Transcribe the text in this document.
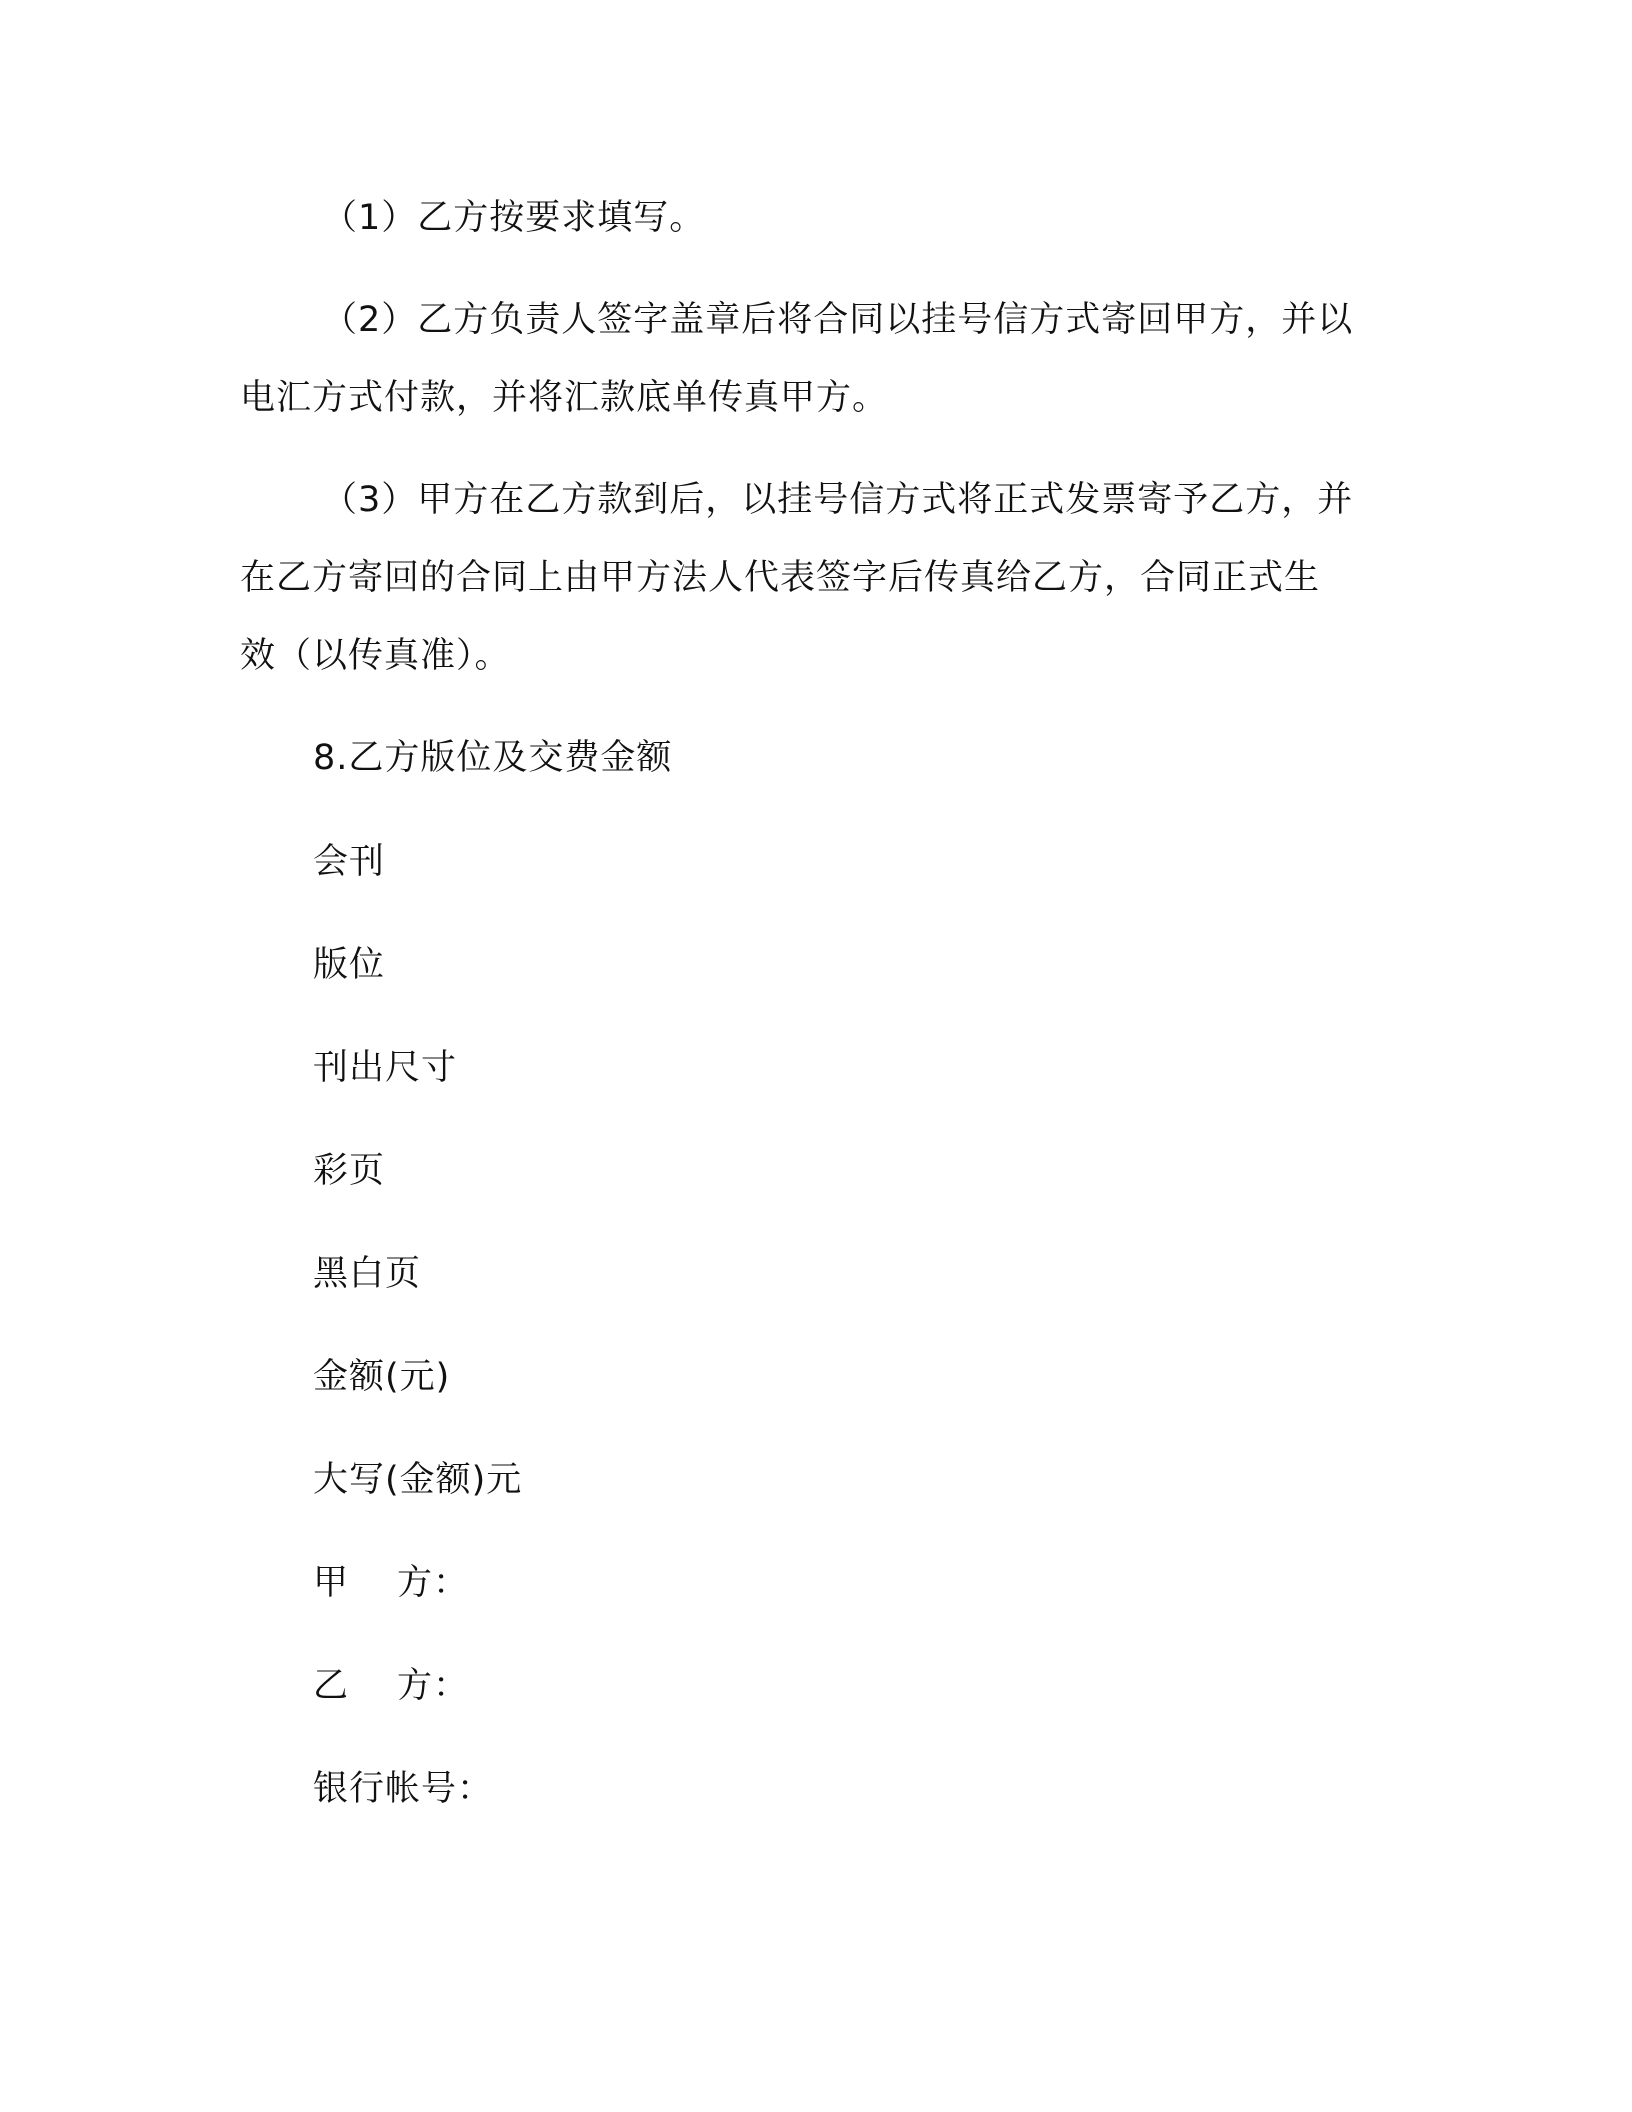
（1）乙方按要求填写。
（2）乙方负责人签字盖章后将合同以挂号信方式寄回甲方，并以
电汇方式付款，并将汇款底单传真甲方。
（3）甲方在乙方款到后，以挂号信方式将正式发票寄予乙方，并
在乙方寄回的合同上由甲方法人代表签字后传真给乙方，合同正式生
效（以传真准）。
8.乙方版位及交费金额
会刊
版位
刊出尺寸
彩页
黑白页
金额(元)
大写(金额)元
甲 方：
乙 方：
银行帐号：
